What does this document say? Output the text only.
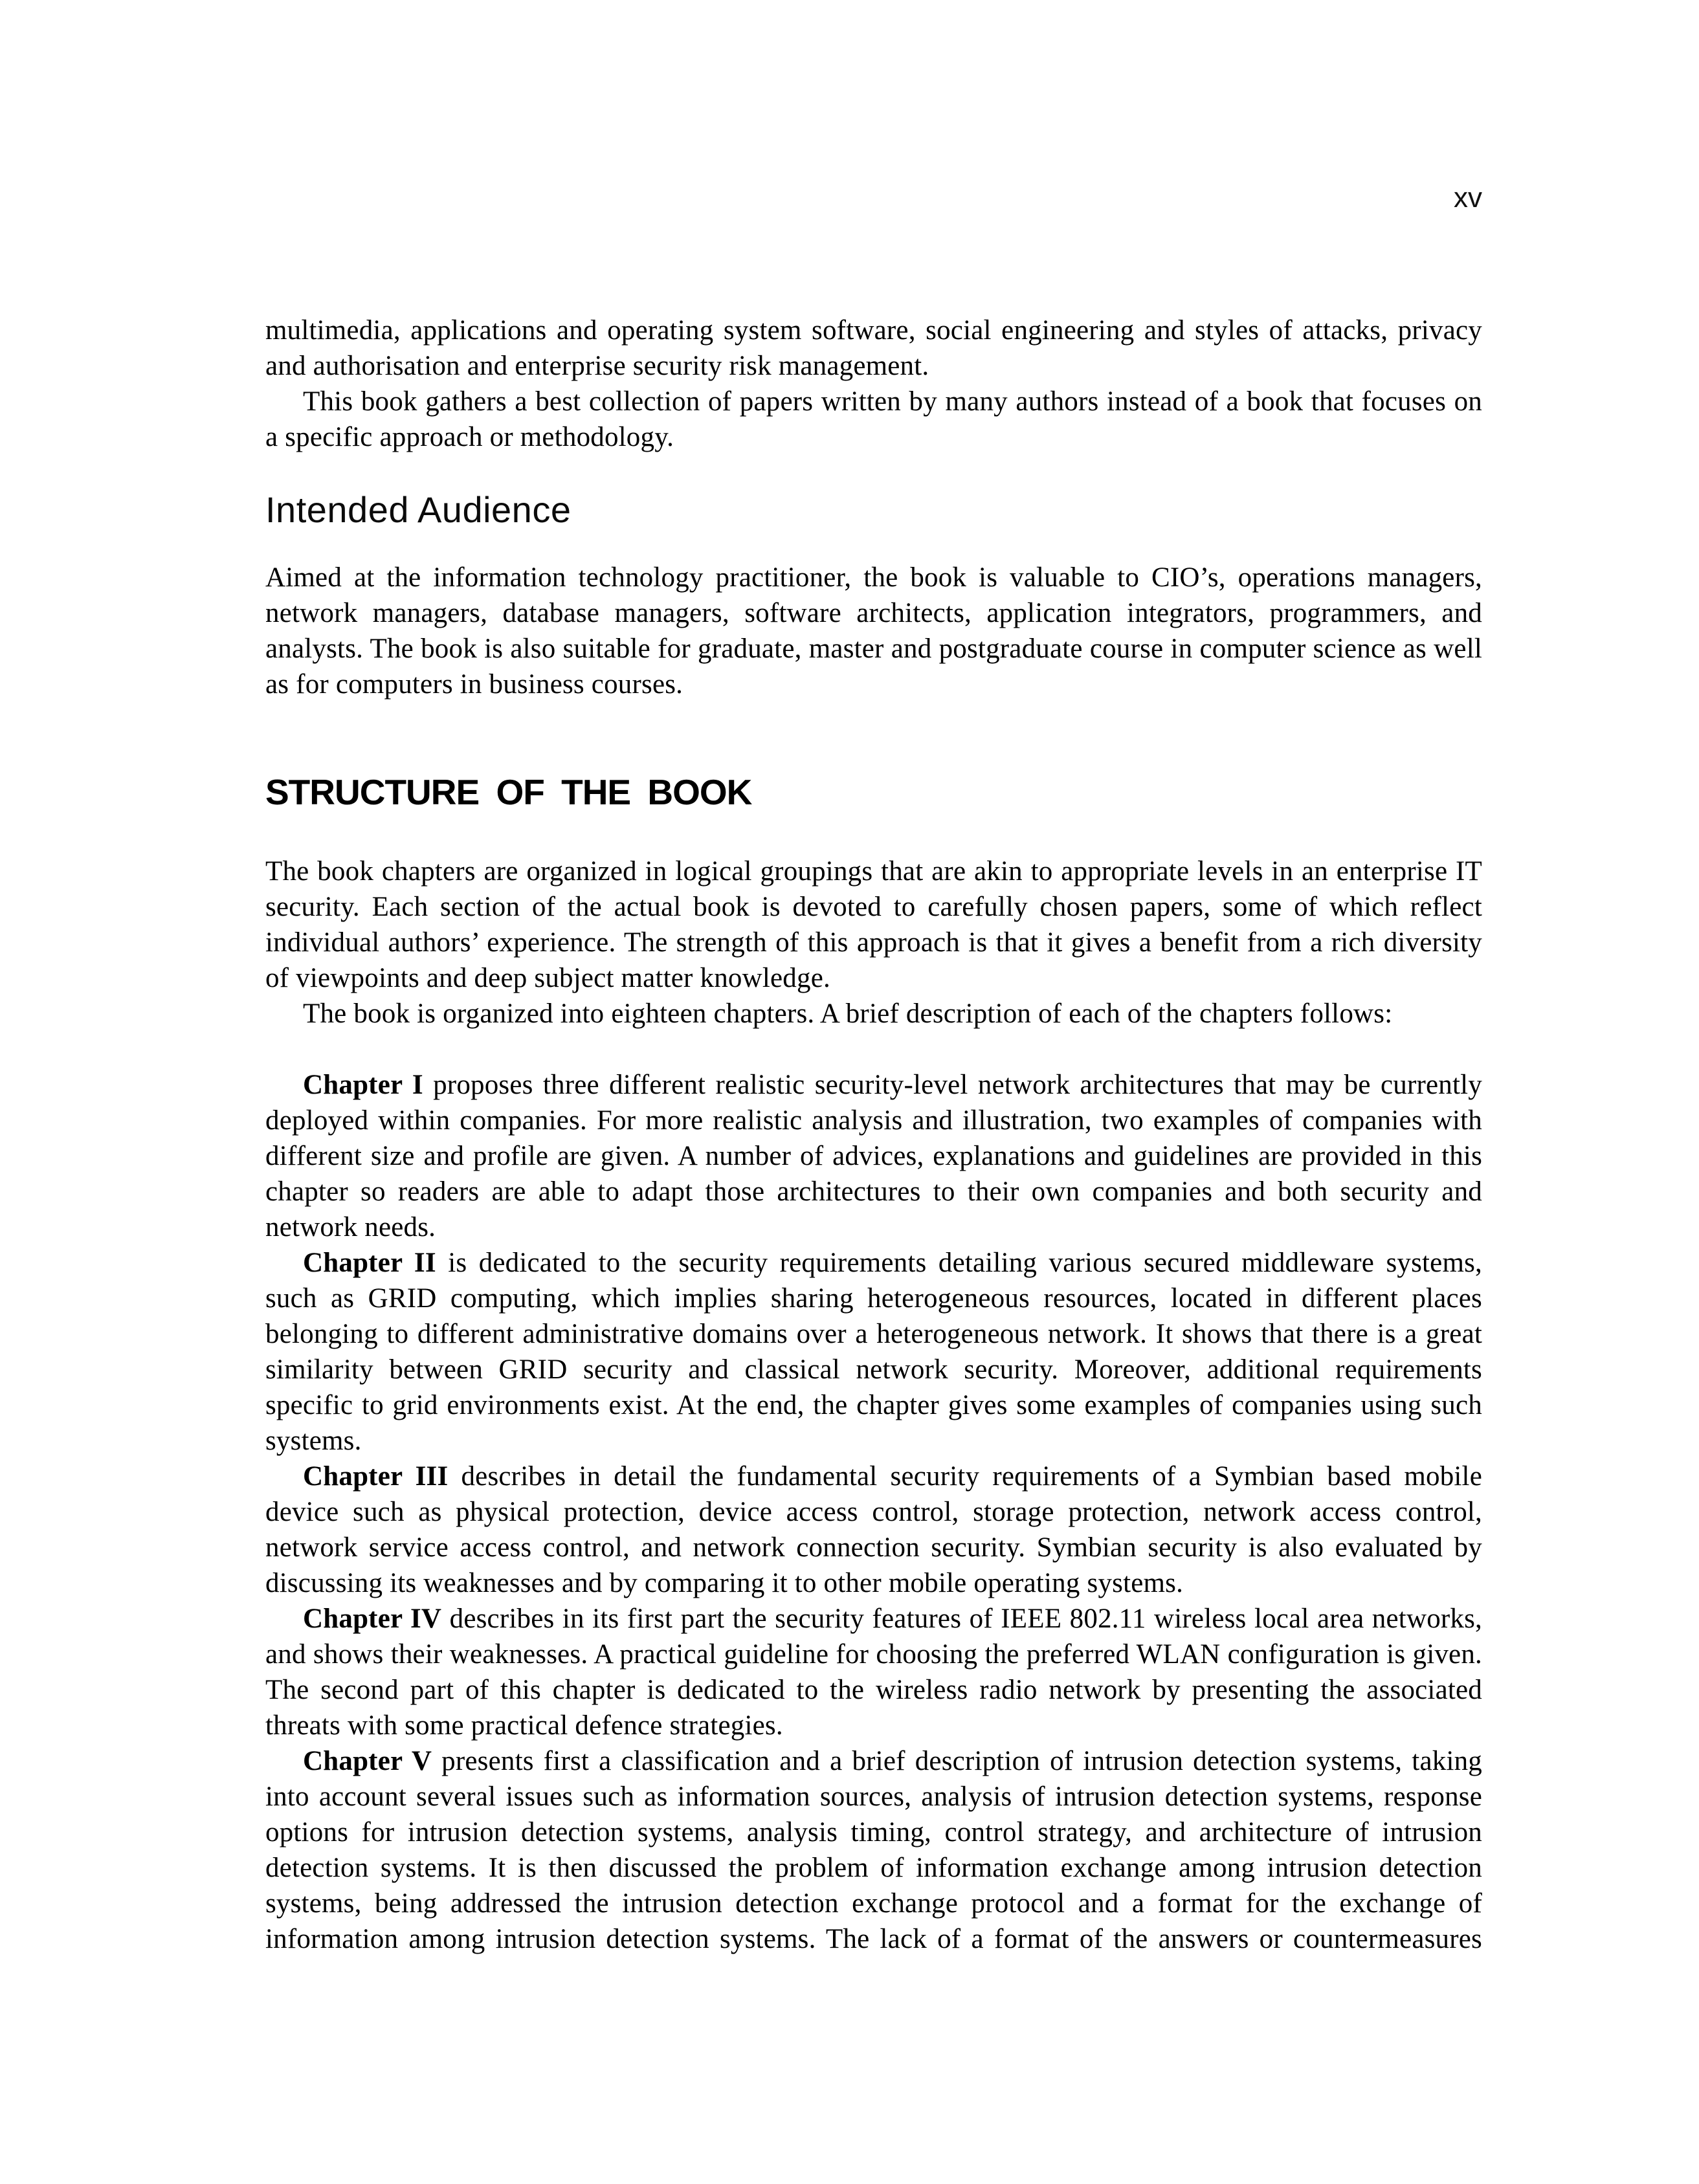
xv

multimedia, applications and operating system software, social engineering and styles of attacks, privacy and authorisation and enterprise security risk management.

This book gathers a best collection of papers written by many authors instead of a book that focuses on a specific approach or methodology.

Intended Audience

Aimed at the information technology practitioner, the book is valuable to CIO’s, operations managers, network managers, database managers, software architects, application integrators, programmers, and analysts. The book is also suitable for graduate, master and postgraduate course in computer science as well as for computers in business courses.

STRUCTURE OF THE BOOK

The book chapters are organized in logical groupings that are akin to appropriate levels in an enterprise IT security. Each section of the actual book is devoted to carefully chosen papers, some of which reflect individual authors’ experience. The strength of this approach is that it gives a benefit from a rich diversity of viewpoints and deep subject matter knowledge.

The book is organized into eighteen chapters. A brief description of each of the chapters follows:

Chapter I proposes three different realistic security-level network architectures that may be currently deployed within companies. For more realistic analysis and illustration, two examples of companies with different size and profile are given. A number of advices, explanations and guidelines are provided in this chapter so readers are able to adapt those architectures to their own companies and both security and network needs.

Chapter II is dedicated to the security requirements detailing various secured middleware systems, such as GRID computing, which implies sharing heterogeneous resources, located in different places belonging to different administrative domains over a heterogeneous network. It shows that there is a great similarity between GRID security and classical network security. Moreover, additional requirements specific to grid environments exist. At the end, the chapter gives some examples of companies using such systems.

Chapter III describes in detail the fundamental security requirements of a Symbian based mobile device such as physical protection, device access control, storage protection, network access control, network service access control, and network connection security. Symbian security is also evaluated by discussing its weaknesses and by comparing it to other mobile operating systems.

Chapter IV describes in its first part the security features of IEEE 802.11 wireless local area networks, and shows their weaknesses. A practical guideline for choosing the preferred WLAN configuration is given. The second part of this chapter is dedicated to the wireless radio network by presenting the associated threats with some practical defence strategies.

Chapter V presents first a classification and a brief description of intrusion detection systems, taking into account several issues such as information sources, analysis of intrusion detection systems, response options for intrusion detection systems, analysis timing, control strategy, and architecture of intrusion detection systems. It is then discussed the problem of information exchange among intrusion detection systems, being addressed the intrusion detection exchange protocol and a format for the exchange of information among intrusion detection systems. The lack of a format of the answers or countermeasures
